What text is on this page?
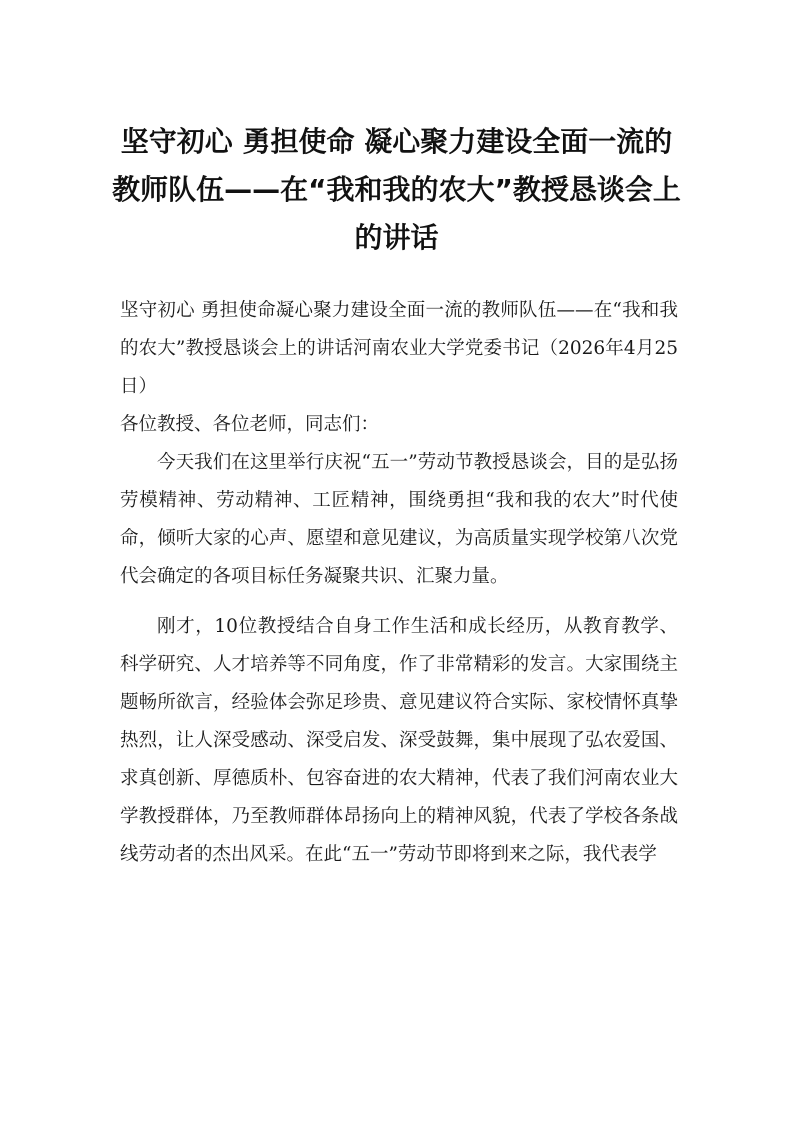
坚守初心 勇担使命 凝心聚力建设全面一流的教师队伍——在“我和我的农大”教授恳谈会上的讲话

坚守初心 勇担使命凝心聚力建设全面一流的教师队伍——在“我和我的农大”教授恳谈会上的讲话河南农业大学党委书记（2026年4月25日）

各位教授、各位老师，同志们：

今天我们在这里举行庆祝“五一”劳动节教授恳谈会，目的是弘扬劳模精神、劳动精神、工匠精神，围绕勇担“我和我的农大”时代使命，倾听大家的心声、愿望和意见建议，为高质量实现学校第八次党代会确定的各项目标任务凝聚共识、汇聚力量。

刚才，10位教授结合自身工作生活和成长经历，从教育教学、科学研究、人才培养等不同角度，作了非常精彩的发言。大家围绕主题畅所欲言，经验体会弥足珍贵、意见建议符合实际、家校情怀真挚热烈，让人深受感动、深受启发、深受鼓舞，集中展现了弘农爱国、求真创新、厚德质朴、包容奋进的农大精神，代表了我们河南农业大学教授群体，乃至教师群体昂扬向上的精神风貌，代表了学校各条战线劳动者的杰出风采。在此“五一”劳动节即将到来之际，我代表学
